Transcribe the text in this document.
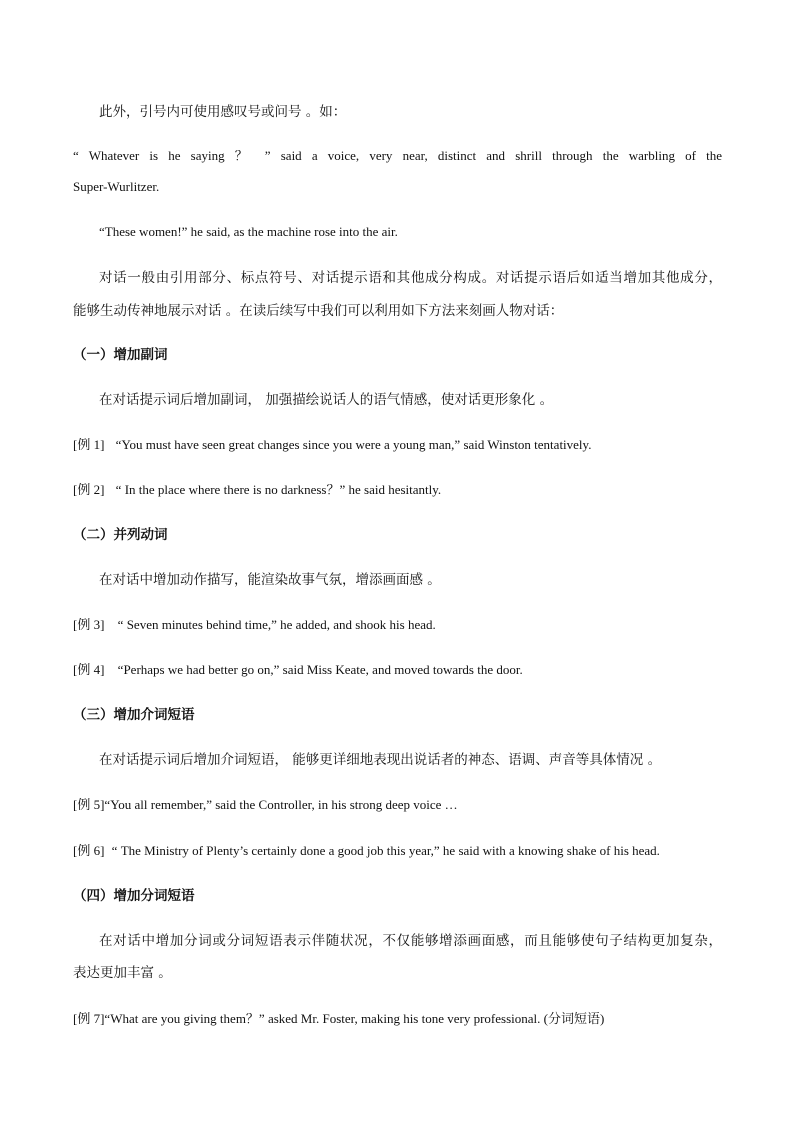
此外，引号内可使用感叹号或问号 。如：
“ Whatever is he saying ？ ” said a voice, very near, distinct and shrill through the warbling of the
Super-Wurlitzer.
“These women!” he said, as the machine rose into the air.
对话一般由引用部分、标点符号、对话提示语和其他成分构成。对话提示语后如适当增加其他成分，
能够生动传神地展示对话 。在读后续写中我们可以利用如下方法来刻画人物对话：
（一）增加副词
在对话提示词后增加副词， 加强描绘说话人的语气情感，使对话更形象化 。
[例 1] “You must have seen great changes since you were a young man,” said Winston tentatively.
[例 2] “ In the place where there is no darkness？” he said hesitantly.
（二）并列动词
在对话中增加动作描写，能渲染故事气氛，增添画面感 。
[例 3] “ Seven minutes behind time,” he added, and shook his head.
[例 4] “Perhaps we had better go on,” said Miss Keate, and moved towards the door.
（三）增加介词短语
在对话提示词后增加介词短语， 能够更详细地表现出说话者的神态、语调、声音等具体情况 。
[例 5]“You all remember,” said the Controller, in his strong deep voice …
[例 6] “ The Ministry of Plenty’s certainly done a good job this year,” he said with a knowing shake of his head.
（四）增加分词短语
在对话中增加分词或分词短语表示伴随状况，不仅能够增添画面感，而且能够使句子结构更加复杂，
表达更加丰富 。
[例 7]“What are you giving them？” asked Mr. Foster, making his tone very professional. (分词短语)
